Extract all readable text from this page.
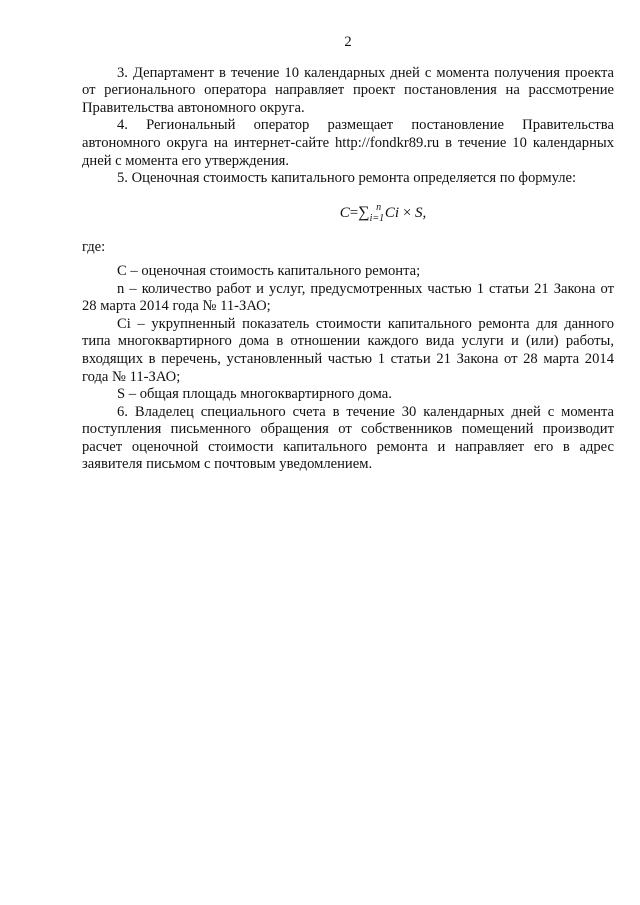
2

3. Департамент в течение 10 календарных дней с момента получения проекта от регионального оператора направляет проект постановления на рассмотрение Правительства автономного округа.

4. Региональный оператор размещает постановление Правительства автономного округа на интернет-сайте http://fondkr89.ru в течение 10 календарных дней с момента его утверждения.

5. Оценочная стоимость капитального ремонта определяется по формуле:

$C=\sum_{i=1}^n$ Ci × S,

где:

С – оценочная стоимость капитального ремонта;

n – количество работ и услуг, предусмотренных частью 1 статьи 21 Закона от 28 марта 2014 года № 11-ЗАО;

Ci – укрупненный показатель стоимости капитального ремонта для данного типа многоквартирного дома в отношении каждого вида услуги и (или) работы, входящих в перечень, установленный частью 1 статьи 21 Закона от 28 марта 2014 года № 11-ЗАО;

S – общая площадь многоквартирного дома.

6. Владелец специального счета в течение 30 календарных дней с момента поступления письменного обращения от собственников помещений производит расчет оценочной стоимости капитального ремонта и направляет его в адрес заявителя письмом с почтовым уведомлением.
